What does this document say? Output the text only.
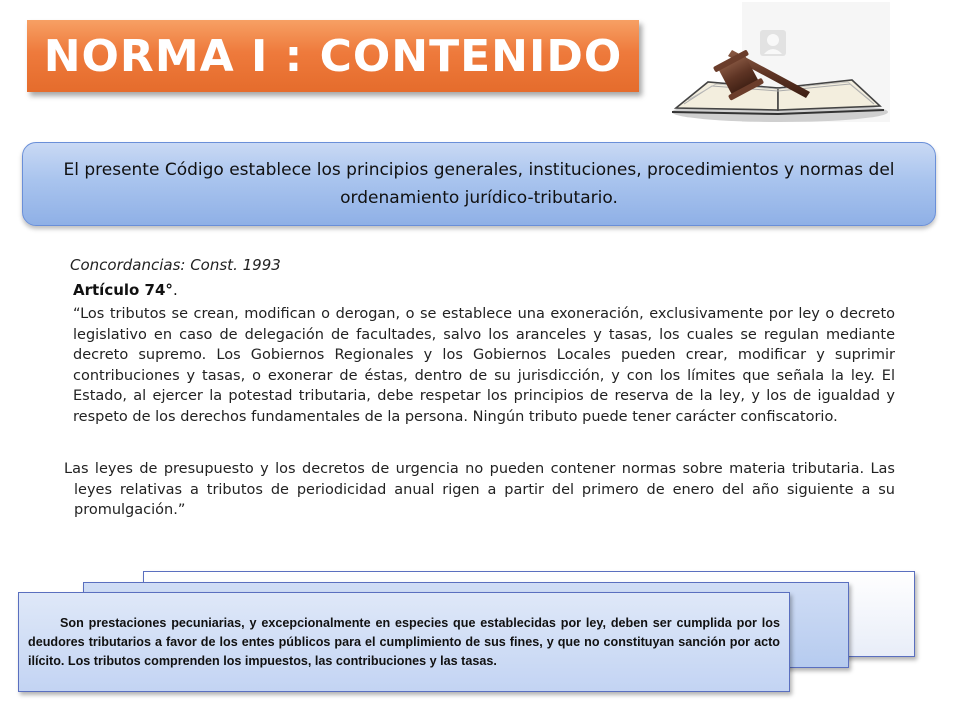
NORMA I : CONTENIDO

El presente Código establece los principios generales, instituciones, procedimientos y normas del ordenamiento jurídico-tributario.

Concordancias: Const. 1993
Artículo 74°.

“Los tributos se crean, modifican o derogan, o se establece una exoneración, exclusivamente por ley o decreto legislativo en caso de delegación de facultades, salvo los aranceles y tasas, los cuales se regulan mediante decreto supremo. Los Gobiernos Regionales y los Gobiernos Locales pueden crear, modificar y suprimir contribuciones y tasas, o exonerar de éstas, dentro de su jurisdicción, y con los límites que señala la ley. El Estado, al ejercer la potestad tributaria, debe respetar los principios de reserva de la ley, y los de igualdad y respeto de los derechos fundamentales de la persona. Ningún tributo puede tener carácter confiscatorio.

Las leyes de presupuesto y los decretos de urgencia no pueden contener normas sobre materia tributaria. Las leyes relativas a tributos de periodicidad anual rigen a partir del primero de enero del año siguiente a su promulgación.”

Son prestaciones pecuniarias, y excepcionalmente en especies que establecidas por ley, deben ser cumplida por los deudores tributarios a favor de los entes públicos para el cumplimiento de sus fines, y que no constituyan sanción por acto ilícito. Los tributos comprenden los impuestos, las contribuciones y las tasas.
